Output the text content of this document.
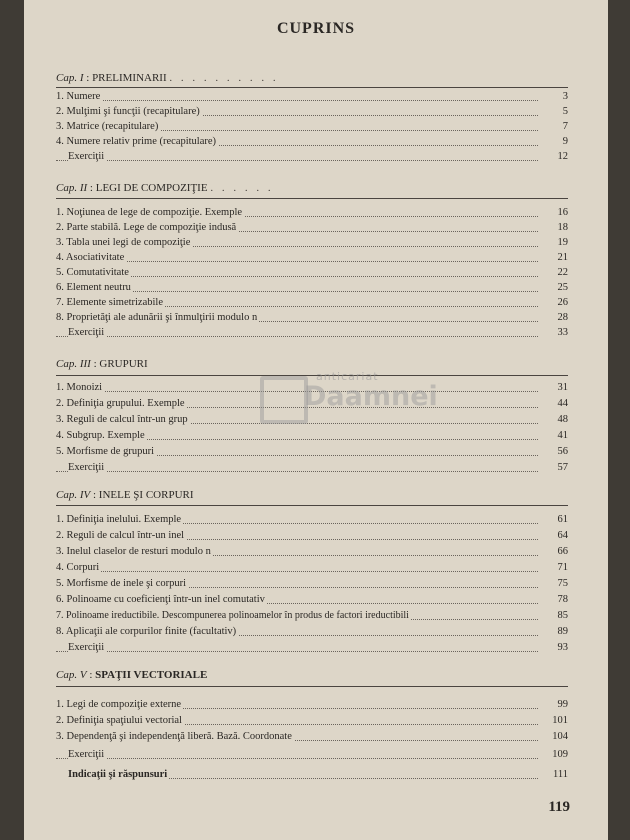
CUPRINS
Cap. I : PRELIMINARII . . . . . . . . . .
1. Numere	3
2. Mulţimi şi funcţii (recapitulare)	5
3. Matrice (recapitulare)	7
4. Numere relativ prime (recapitulare)	9
Exerciţii	12
Cap. II : LEGI DE COMPOZIŢIE . . . . . .
1. Noţiunea de lege de compoziţie. Exemple	16
2. Parte stabilă. Lege de compoziţie indusă	18
3. Tabla unei legi de compoziţie	19
4. Asociativitate	21
5. Comutativitate	22
6. Element neutru	25
7. Elemente simetrizabile	26
8. Proprietăţi ale adunării şi înmulţirii modulo n	28
Exerciţii	33
Cap. III : GRUPURI
1. Monoizi	31
2. Definiţia grupului. Exemple	44
3. Reguli de calcul într-un grup	48
4. Subgrup. Exemple	41
5. Morfisme de grupuri	56
Exerciţii	57
Cap. IV : INELE ŞI CORPURI
1. Definiţia inelului. Exemple	61
2. Reguli de calcul într-un inel	64
3. Inelul claselor de resturi modulo n	66
4. Corpuri	71
5. Morfisme de inele şi corpuri	75
6. Polinoame cu coeficienţi într-un inel comutativ	78
7. Polinoame ireductibile. Descompunerea polinoamelor în produs de factori ireductibili	85
8. Aplicaţii ale corpurilor finite (facultativ)	89
Exerciţii	93
Cap. V : SPAŢII VECTORIALE
1. Legi de compoziţie externe	99
2. Definiţia spaţiului vectorial	101
3. Dependenţă şi independenţă liberă. Bază. Coordonate	104
Exerciţii	109
Indicaţii şi răspunsuri	111
119
anticariat
Daamnei
